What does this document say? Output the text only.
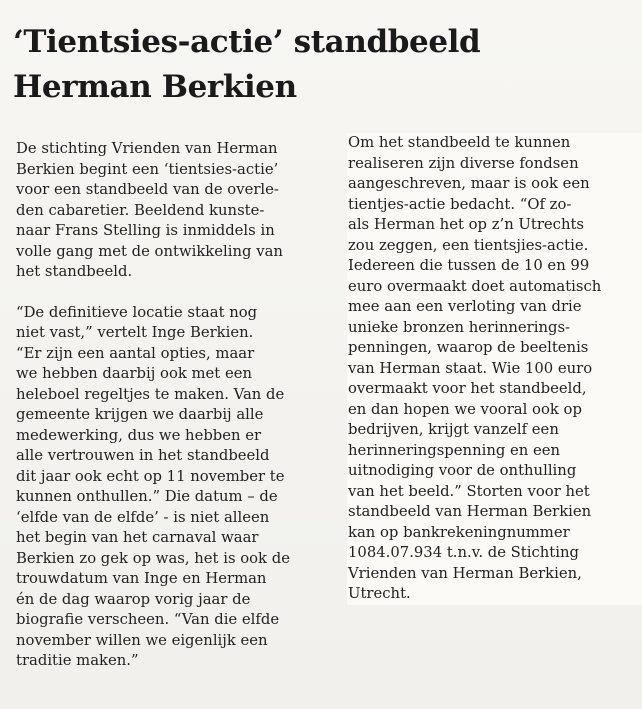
‘Tientsies-actie’ standbeeld
Herman Berkien
De stichting Vrienden van Herman
Berkien begint een ‘tientsies-actie’
voor een standbeeld van de overle-
den cabaretier. Beeldend kunste-
naar Frans Stelling is inmiddels in
volle gang met de ontwikkeling van
het standbeeld.
“De definitieve locatie staat nog
niet vast,” vertelt Inge Berkien.
“Er zijn een aantal opties, maar
we hebben daarbij ook met een
heleboel regeltjes te maken. Van de
gemeente krijgen we daarbij alle
medewerking, dus we hebben er
alle vertrouwen in het standbeeld
dit jaar ook echt op 11 november te
kunnen onthullen.” Die datum – de
‘elfde van de elfde’ - is niet alleen
het begin van het carnaval waar
Berkien zo gek op was, het is ook de
trouwdatum van Inge en Herman
én de dag waarop vorig jaar de
biografie verscheen. “Van die elfde
november willen we eigenlijk een
traditie maken.”
Om het standbeeld te kunnen
realiseren zijn diverse fondsen
aangeschreven, maar is ook een
tientjes-actie bedacht. “Of zo-
als Herman het op z’n Utrechts
zou zeggen, een tientsjies-actie.
Iedereen die tussen de 10 en 99
euro overmaakt doet automatisch
mee aan een verloting van drie
unieke bronzen herinnerings-
penningen, waarop de beeltenis
van Herman staat. Wie 100 euro
overmaakt voor het standbeeld,
en dan hopen we vooral ook op
bedrijven, krijgt vanzelf een
herinneringspenning en een
uitnodiging voor de onthulling
van het beeld.” Storten voor het
standbeeld van Herman Berkien
kan op bankrekeningnummer
1084.07.934 t.n.v. de Stichting
Vrienden van Herman Berkien,
Utrecht.
